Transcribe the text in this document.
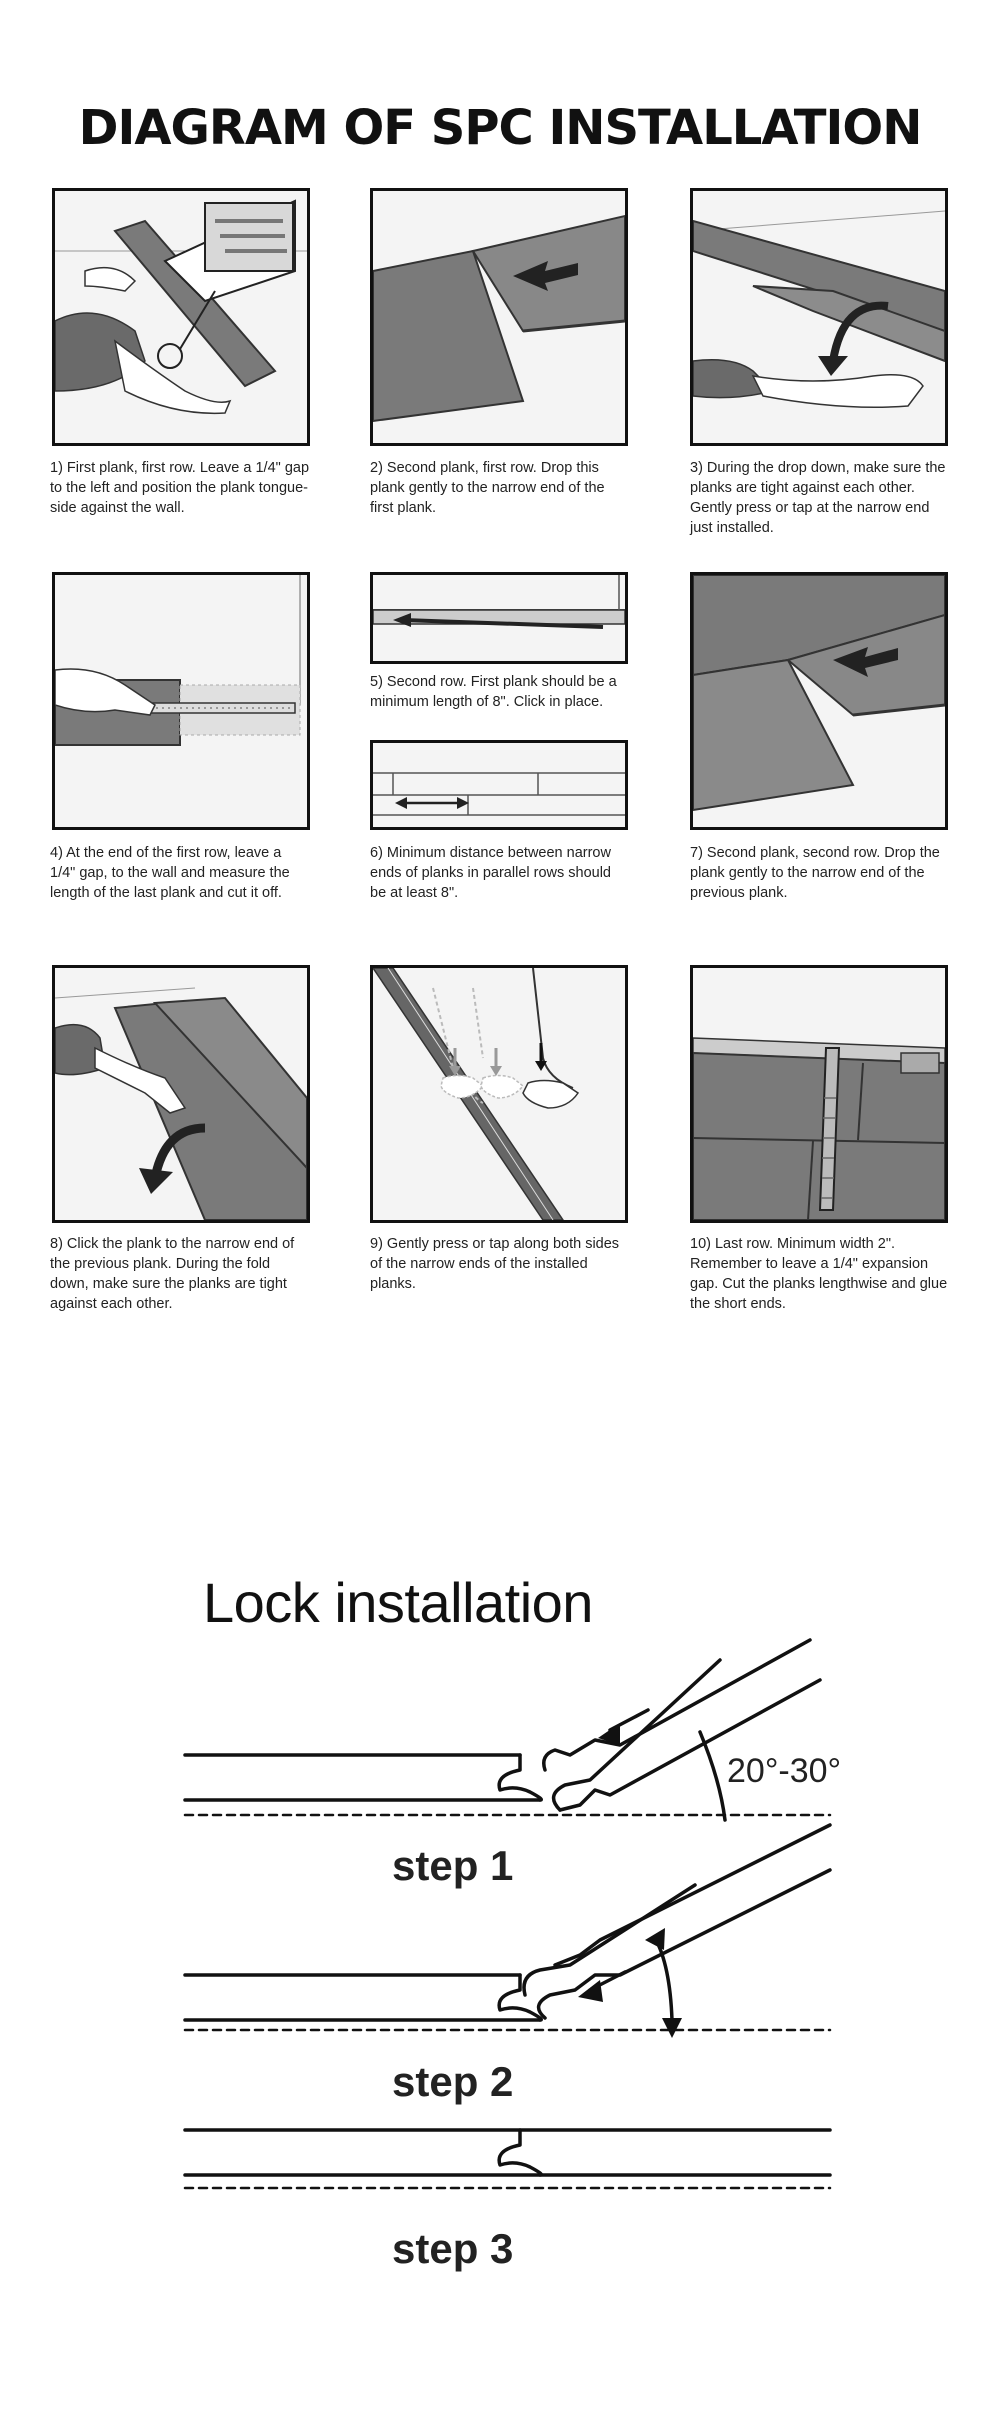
DIAGRAM OF SPC INSTALLATION
1) First plank, first row. Leave a 1/4" gap to the left and position the plank tongue-side against the wall.
2) Second plank, first row. Drop this plank gently to the narrow end of the first plank.
3) During the drop down, make sure the planks are tight against each other. Gently press or tap at the narrow end just installed.
4) At the end of the first row, leave a 1/4" gap, to the wall and measure the length of the last plank and cut it off.
5) Second row. First plank should be a minimum length of 8". Click in place.
6) Minimum distance between narrow ends of planks in parallel rows should be at least 8".
7) Second plank, second row. Drop the plank gently to the narrow end of the previous plank.
8) Click the plank to the narrow end of the previous plank. During the fold down, make sure the planks are tight against each other.
9) Gently press or tap along both sides of the narrow ends of the installed planks.
10) Last row. Minimum width 2". Remember to leave a 1/4" expansion gap. Cut the planks lengthwise and glue the short ends.
Lock installation
20°-30°
step 1
step 2
step 3
